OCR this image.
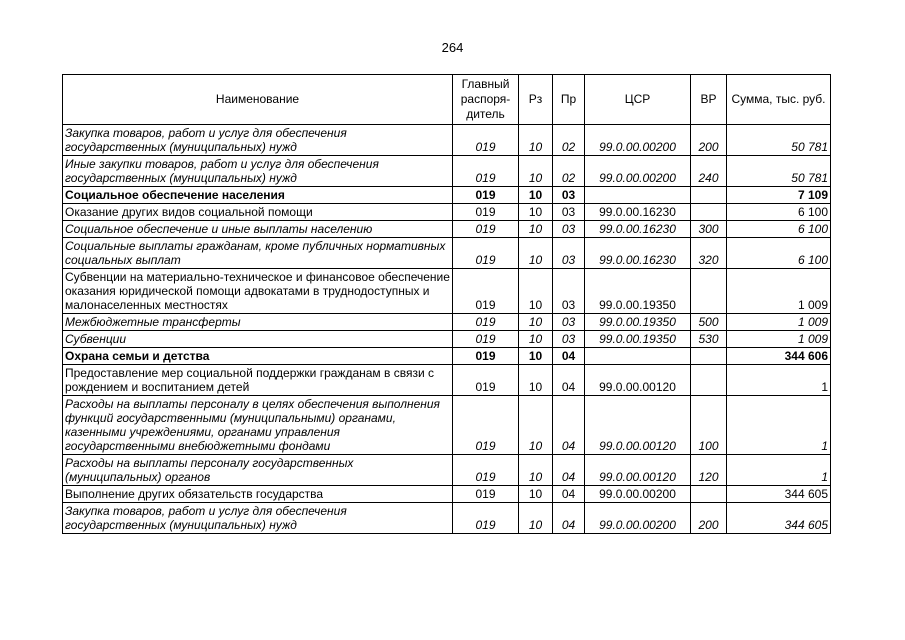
264
Наименование	Главный распоря-дитель	Рз	Пр	ЦСР	ВР	Сумма, тыс. руб.
Закупка товаров, работ и услуг для обеспечения государственных (муниципальных) нужд	019	10	02	99.0.00.00200	200	50 781
Иные закупки товаров, работ и услуг для обеспечения государственных (муниципальных) нужд	019	10	02	99.0.00.00200	240	50 781
Социальное обеспечение населения	019	10	03			7 109
Оказание других видов социальной помощи	019	10	03	99.0.00.16230		6 100
Социальное обеспечение и иные выплаты населению	019	10	03	99.0.00.16230	300	6 100
Социальные выплаты гражданам, кроме публичных нормативных социальных выплат	019	10	03	99.0.00.16230	320	6 100
Субвенции на материально-техническое и финансовое обеспечение оказания юридической помощи адвокатами в труднодоступных и малонаселенных местностях	019	10	03	99.0.00.19350		1 009
Межбюджетные трансферты	019	10	03	99.0.00.19350	500	1 009
Субвенции	019	10	03	99.0.00.19350	530	1 009
Охрана семьи и детства	019	10	04			344 606
Предоставление мер социальной поддержки гражданам в связи с рождением и воспитанием детей	019	10	04	99.0.00.00120		1
Расходы на выплаты персоналу в целях обеспечения выполнения функций государственными (муниципальными) органами, казенными учреждениями, органами управления государственными внебюджетными фондами	019	10	04	99.0.00.00120	100	1
Расходы на выплаты персоналу государственных (муниципальных) органов	019	10	04	99.0.00.00120	120	1
Выполнение других обязательств государства	019	10	04	99.0.00.00200		344 605
Закупка товаров, работ и услуг для обеспечения государственных (муниципальных) нужд	019	10	04	99.0.00.00200	200	344 605
